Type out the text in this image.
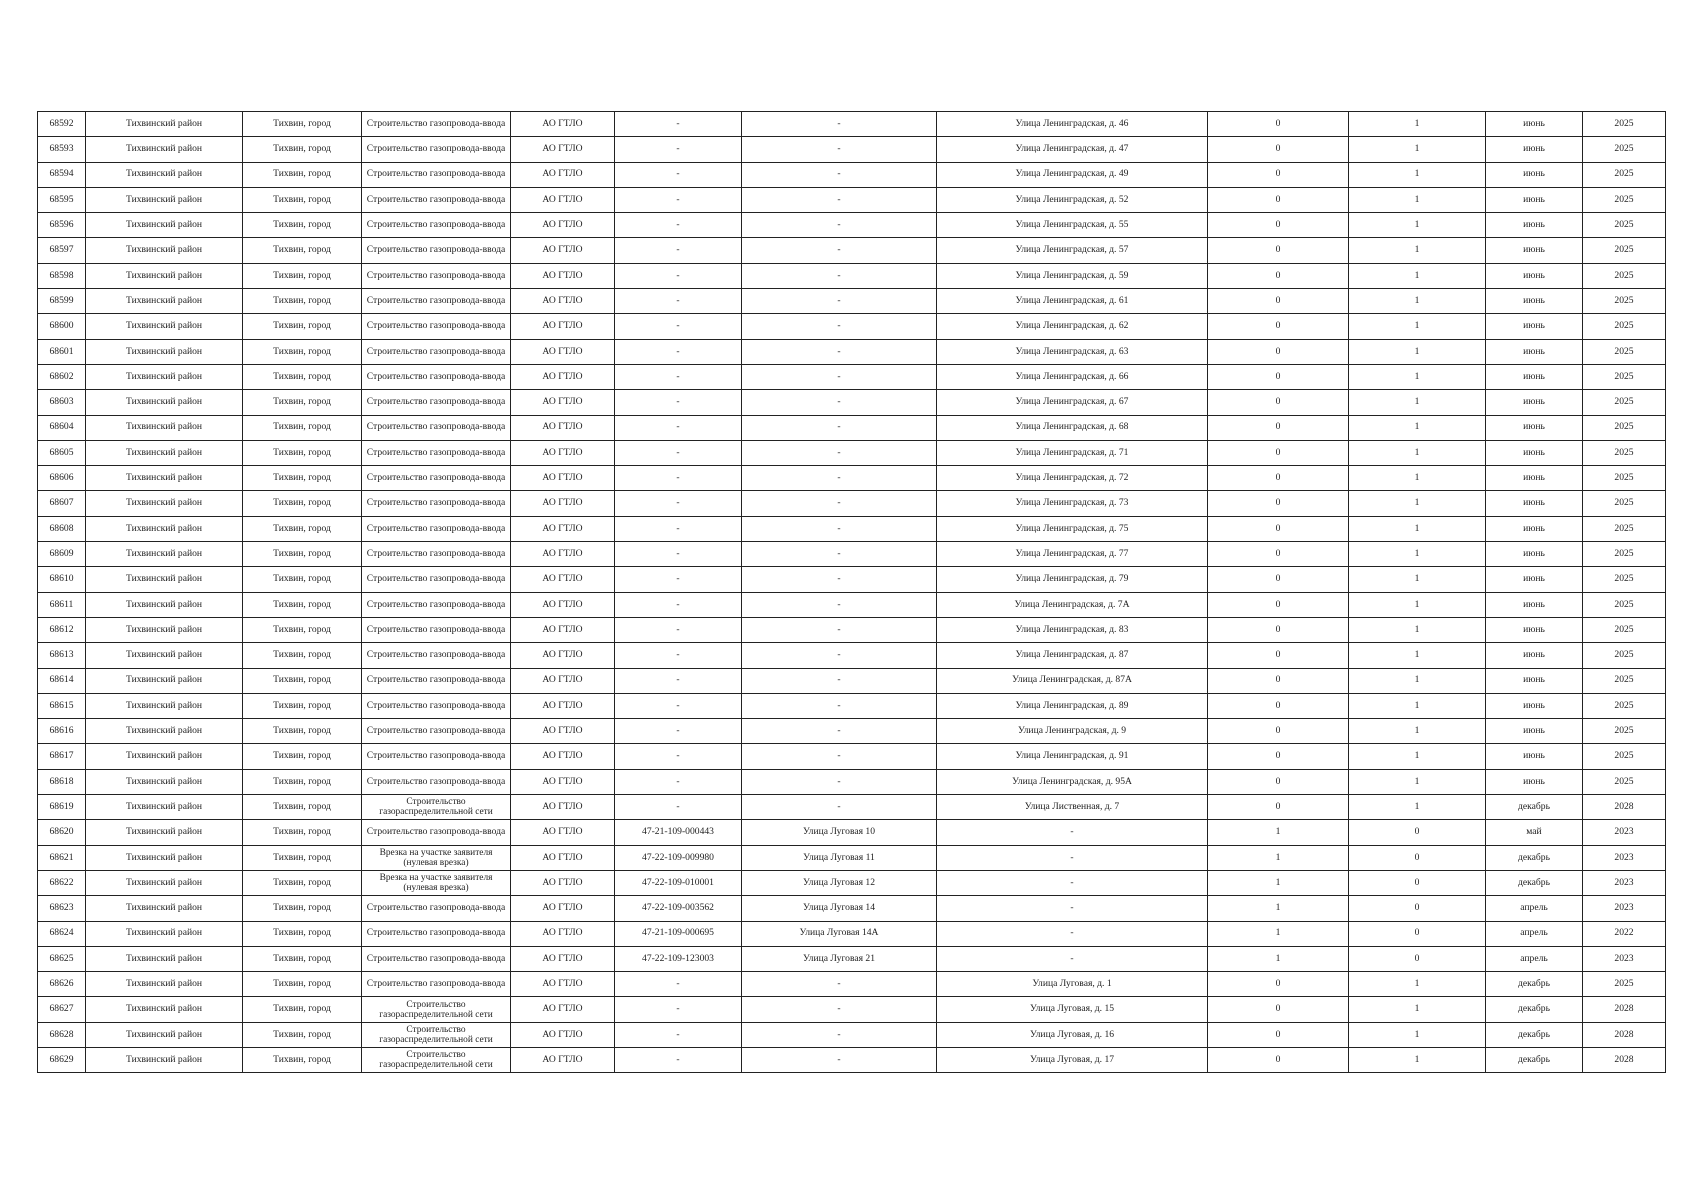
68592	Тихвинский район	Тихвин, город	Строительство газопровода-ввода	АО ГТЛО	-	-	Улица Ленинградская, д. 46	0	1	июнь	2025
68593	Тихвинский район	Тихвин, город	Строительство газопровода-ввода	АО ГТЛО	-	-	Улица Ленинградская, д. 47	0	1	июнь	2025
68594	Тихвинский район	Тихвин, город	Строительство газопровода-ввода	АО ГТЛО	-	-	Улица Ленинградская, д. 49	0	1	июнь	2025
68595	Тихвинский район	Тихвин, город	Строительство газопровода-ввода	АО ГТЛО	-	-	Улица Ленинградская, д. 52	0	1	июнь	2025
68596	Тихвинский район	Тихвин, город	Строительство газопровода-ввода	АО ГТЛО	-	-	Улица Ленинградская, д. 55	0	1	июнь	2025
68597	Тихвинский район	Тихвин, город	Строительство газопровода-ввода	АО ГТЛО	-	-	Улица Ленинградская, д. 57	0	1	июнь	2025
68598	Тихвинский район	Тихвин, город	Строительство газопровода-ввода	АО ГТЛО	-	-	Улица Ленинградская, д. 59	0	1	июнь	2025
68599	Тихвинский район	Тихвин, город	Строительство газопровода-ввода	АО ГТЛО	-	-	Улица Ленинградская, д. 61	0	1	июнь	2025
68600	Тихвинский район	Тихвин, город	Строительство газопровода-ввода	АО ГТЛО	-	-	Улица Ленинградская, д. 62	0	1	июнь	2025
68601	Тихвинский район	Тихвин, город	Строительство газопровода-ввода	АО ГТЛО	-	-	Улица Ленинградская, д. 63	0	1	июнь	2025
68602	Тихвинский район	Тихвин, город	Строительство газопровода-ввода	АО ГТЛО	-	-	Улица Ленинградская, д. 66	0	1	июнь	2025
68603	Тихвинский район	Тихвин, город	Строительство газопровода-ввода	АО ГТЛО	-	-	Улица Ленинградская, д. 67	0	1	июнь	2025
68604	Тихвинский район	Тихвин, город	Строительство газопровода-ввода	АО ГТЛО	-	-	Улица Ленинградская, д. 68	0	1	июнь	2025
68605	Тихвинский район	Тихвин, город	Строительство газопровода-ввода	АО ГТЛО	-	-	Улица Ленинградская, д. 71	0	1	июнь	2025
68606	Тихвинский район	Тихвин, город	Строительство газопровода-ввода	АО ГТЛО	-	-	Улица Ленинградская, д. 72	0	1	июнь	2025
68607	Тихвинский район	Тихвин, город	Строительство газопровода-ввода	АО ГТЛО	-	-	Улица Ленинградская, д. 73	0	1	июнь	2025
68608	Тихвинский район	Тихвин, город	Строительство газопровода-ввода	АО ГТЛО	-	-	Улица Ленинградская, д. 75	0	1	июнь	2025
68609	Тихвинский район	Тихвин, город	Строительство газопровода-ввода	АО ГТЛО	-	-	Улица Ленинградская, д. 77	0	1	июнь	2025
68610	Тихвинский район	Тихвин, город	Строительство газопровода-ввода	АО ГТЛО	-	-	Улица Ленинградская, д. 79	0	1	июнь	2025
68611	Тихвинский район	Тихвин, город	Строительство газопровода-ввода	АО ГТЛО	-	-	Улица Ленинградская, д. 7А	0	1	июнь	2025
68612	Тихвинский район	Тихвин, город	Строительство газопровода-ввода	АО ГТЛО	-	-	Улица Ленинградская, д. 83	0	1	июнь	2025
68613	Тихвинский район	Тихвин, город	Строительство газопровода-ввода	АО ГТЛО	-	-	Улица Ленинградская, д. 87	0	1	июнь	2025
68614	Тихвинский район	Тихвин, город	Строительство газопровода-ввода	АО ГТЛО	-	-	Улица Ленинградская, д. 87А	0	1	июнь	2025
68615	Тихвинский район	Тихвин, город	Строительство газопровода-ввода	АО ГТЛО	-	-	Улица Ленинградская, д. 89	0	1	июнь	2025
68616	Тихвинский район	Тихвин, город	Строительство газопровода-ввода	АО ГТЛО	-	-	Улица Ленинградская, д. 9	0	1	июнь	2025
68617	Тихвинский район	Тихвин, город	Строительство газопровода-ввода	АО ГТЛО	-	-	Улица Ленинградская, д. 91	0	1	июнь	2025
68618	Тихвинский район	Тихвин, город	Строительство газопровода-ввода	АО ГТЛО	-	-	Улица Ленинградская, д. 95А	0	1	июнь	2025
68619	Тихвинский район	Тихвин, город	Строительство газораспределительной сети	АО ГТЛО	-	-	Улица Лиственная, д. 7	0	1	декабрь	2028
68620	Тихвинский район	Тихвин, город	Строительство газопровода-ввода	АО ГТЛО	47-21-109-000443	Улица Луговая 10	-	1	0	май	2023
68621	Тихвинский район	Тихвин, город	Врезка на участке заявителя (нулевая врезка)	АО ГТЛО	47-22-109-009980	Улица Луговая 11	-	1	0	декабрь	2023
68622	Тихвинский район	Тихвин, город	Врезка на участке заявителя (нулевая врезка)	АО ГТЛО	47-22-109-010001	Улица Луговая 12	-	1	0	декабрь	2023
68623	Тихвинский район	Тихвин, город	Строительство газопровода-ввода	АО ГТЛО	47-22-109-003562	Улица Луговая 14	-	1	0	апрель	2023
68624	Тихвинский район	Тихвин, город	Строительство газопровода-ввода	АО ГТЛО	47-21-109-000695	Улица Луговая 14А	-	1	0	апрель	2022
68625	Тихвинский район	Тихвин, город	Строительство газопровода-ввода	АО ГТЛО	47-22-109-123003	Улица Луговая 21	-	1	0	апрель	2023
68626	Тихвинский район	Тихвин, город	Строительство газопровода-ввода	АО ГТЛО	-	-	Улица Луговая, д. 1	0	1	декабрь	2025
68627	Тихвинский район	Тихвин, город	Строительство газораспределительной сети	АО ГТЛО	-	-	Улица Луговая, д. 15	0	1	декабрь	2028
68628	Тихвинский район	Тихвин, город	Строительство газораспределительной сети	АО ГТЛО	-	-	Улица Луговая, д. 16	0	1	декабрь	2028
68629	Тихвинский район	Тихвин, город	Строительство газораспределительной сети	АО ГТЛО	-	-	Улица Луговая, д. 17	0	1	декабрь	2028
